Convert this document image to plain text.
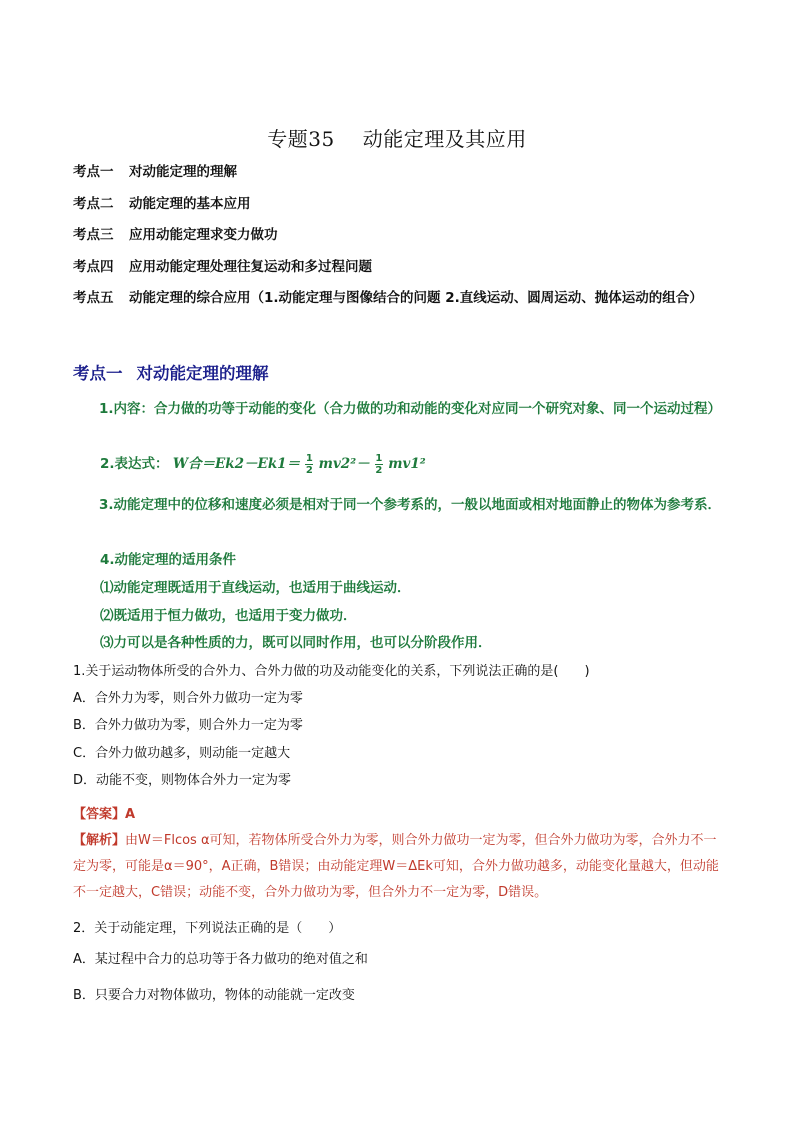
专题35 动能定理及其应用
考点一 对动能定理的理解
考点二 动能定理的基本应用
考点三 应用动能定理求变力做功
考点四 应用动能定理处理往复运动和多过程问题
考点五 动能定理的综合应用（1.动能定理与图像结合的问题 2.直线运动、圆周运动、抛体运动的组合）
考点一 对动能定理的理解
1.内容：合力做的功等于动能的变化（合力做的功和动能的变化对应同一个研究对象、同一个运动过程）
2.表达式： W合$=Ek2-Ek1= \frac{1}{2} mv2^2- \frac{1}{2} mv1^2$
3.动能定理中的位移和速度必须是相对于同一个参考系的，一般以地面或相对地面静止的物体为参考系．
4.动能定理的适用条件
⑴动能定理既适用于直线运动，也适用于曲线运动．
⑵既适用于恒力做功，也适用于变力做功．
⑶力可以是各种性质的力，既可以同时作用，也可以分阶段作用．
1.关于运动物体所受的合外力、合外力做的功及动能变化的关系，下列说法正确的是(　　)
A．合外力为零，则合外力做功一定为零
B．合外力做功为零，则合外力一定为零
C．合外力做功越多，则动能一定越大
D．动能不变，则物体合外力一定为零
【答案】A
【解析】由W＝Flcos α可知，若物体所受合外力为零，则合外力做功一定为零，但合外力做功为零，合外力不一定为零，可能是α＝90°，A正确，B错误；由动能定理W＝ΔEk可知，合外力做功越多，动能变化量越大，但动能不一定越大，C错误；动能不变，合外力做功为零，但合外力不一定为零，D错误。
2．关于动能定理，下列说法正确的是（　　）
A．某过程中合力的总功等于各力做功的绝对值之和
B．只要合力对物体做功，物体的动能就一定改变
